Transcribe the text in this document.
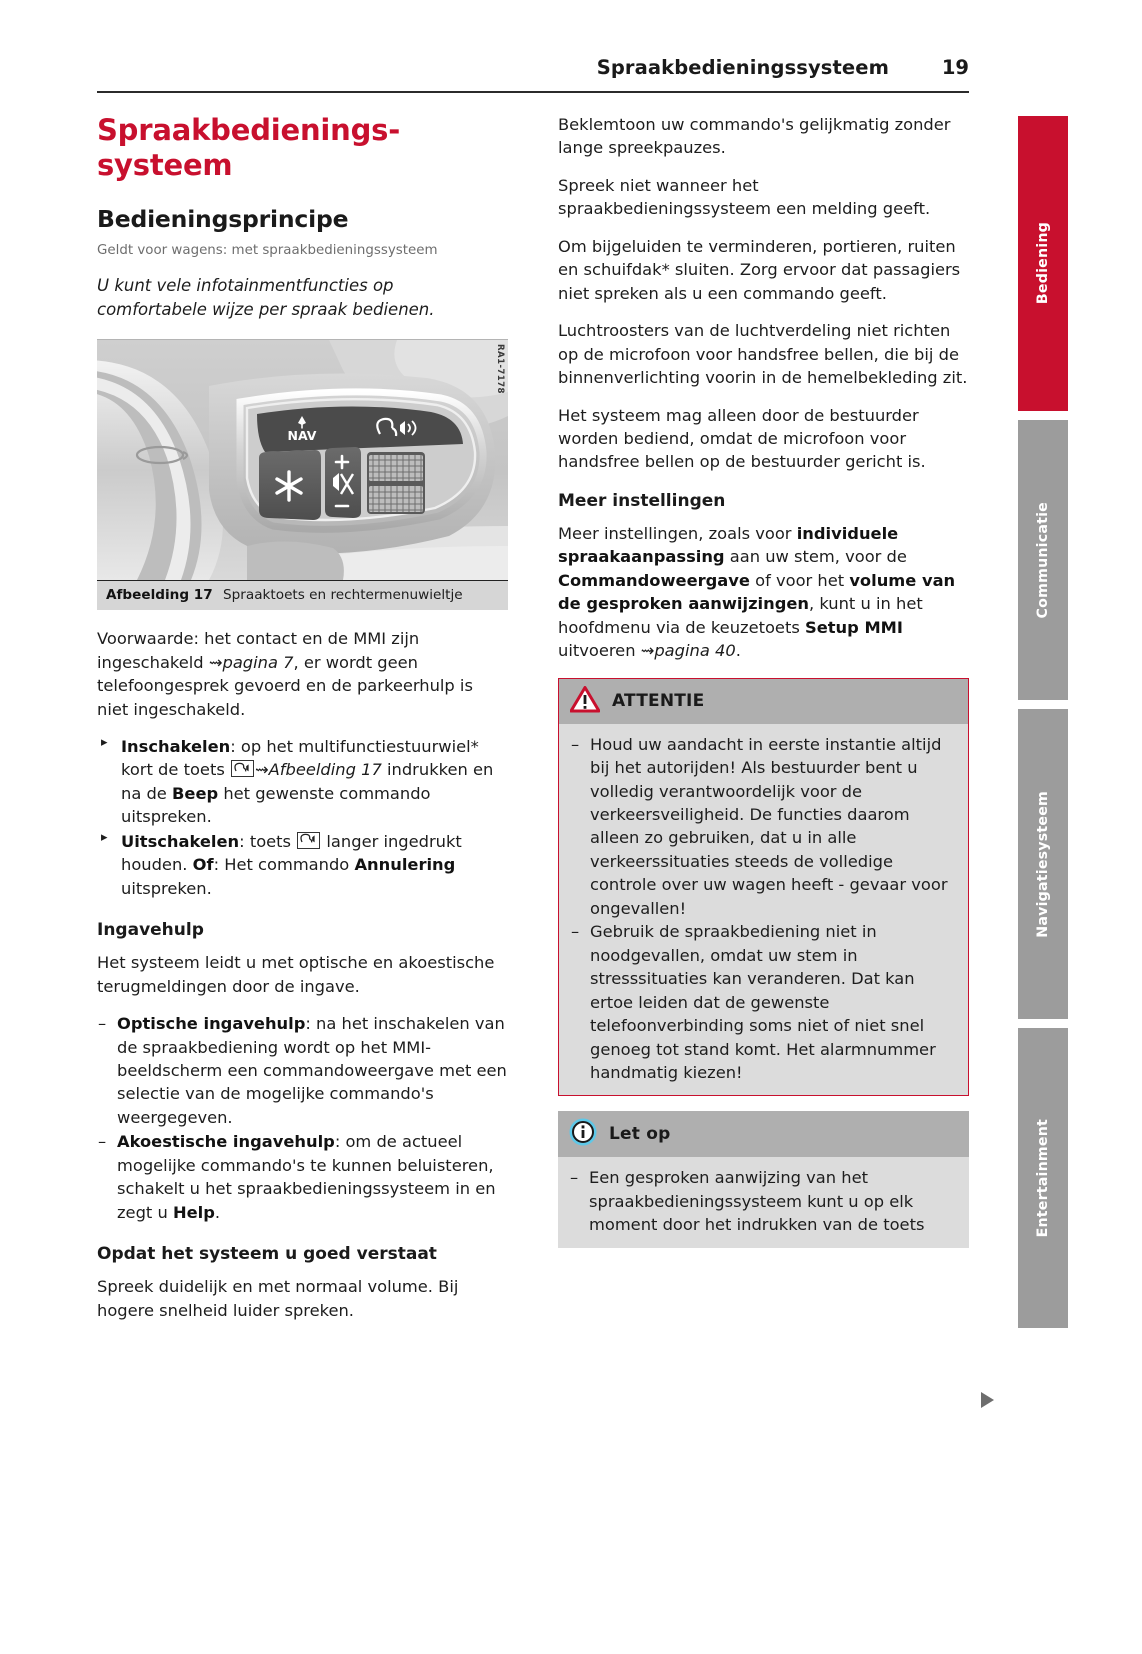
Spraakbedieningssysteem	19
Spraakbedienings-
systeem
Bedieningsprincipe
Geldt voor wagens: met spraakbedieningssysteem
U kunt vele infotainmentfuncties op comfortabele wijze per spraak bedienen.
RA1-7178
NAV
Afbeelding 17 Spraaktoets en rechtermenuwieltje

Voorwaarde: het contact en de MMI zijn ingeschakeld ⇝pagina 7, er wordt geen telefoongesprek gevoerd en de parkeerhulp is niet ingeschakeld.

▸ Inschakelen: op het multifunctiestuurwiel* kort de toets
⇝Afbeelding 17 indrukken en na de Beep het gewenste commando uitspreken.
▸ Uitschakelen: toets
langer ingedrukt houden. Of: Het commando Annulering uitspreken.
Ingavehulp

Het systeem leidt u met optische en akoestische terugmeldingen door de ingave.

– Optische ingavehulp: na het inschakelen van de spraakbediening wordt op het MMI-beeldscherm een commandoweergave met een selectie van de mogelijke commando's weergegeven.
– Akoestische ingavehulp: om de actueel mogelijke commando's te kunnen beluisteren, schakelt u het spraakbedieningssysteem in en zegt u Help.
Opdat het systeem u goed verstaat

Spreek duidelijk en met normaal volume. Bij hogere snelheid luider spreken.

Beklemtoon uw commando's gelijkmatig zonder lange spreekpauzes.

Spreek niet wanneer het spraakbedieningssysteem een melding geeft.

Om bijgeluiden te verminderen, portieren, ruiten en schuifdak* sluiten. Zorg ervoor dat passagiers niet spreken als u een commando geeft.

Luchtroosters van de luchtverdeling niet richten op de microfoon voor handsfree bellen, die bij de binnenverlichting voorin in de hemelbekleding zit.

Het systeem mag alleen door de bestuurder worden bediend, omdat de microfoon voor handsfree bellen op de bestuurder gericht is.

Meer instellingen

Meer instellingen, zoals voor individuele spraakaanpassing aan uw stem, voor de Commandoweergave of voor het volume van de gesproken aanwijzingen, kunt u in het hoofdmenu via de keuzetoets Setup MMI uitvoeren ⇝pagina 40.

ATTENTIE
– Houd uw aandacht in eerste instantie altijd bij het autorijden! Als bestuurder bent u volledig verantwoordelijk voor de verkeersveiligheid. De functies daarom alleen zo gebruiken, dat u in alle verkeerssituaties steeds de volledige controle over uw wagen heeft - gevaar voor ongevallen!
– Gebruik de spraakbediening niet in noodgevallen, omdat uw stem in stresssituaties kan veranderen. Dat kan ertoe leiden dat de gewenste telefoonverbinding soms niet of niet snel genoeg tot stand komt. Het alarmnummer handmatig kiezen!
Let op
– Een gesproken aanwijzing van het spraakbedieningssysteem kunt u op elk moment door het indrukken van de toets
Bediening
Communicatie
Navigatiesysteem
Entertainment
